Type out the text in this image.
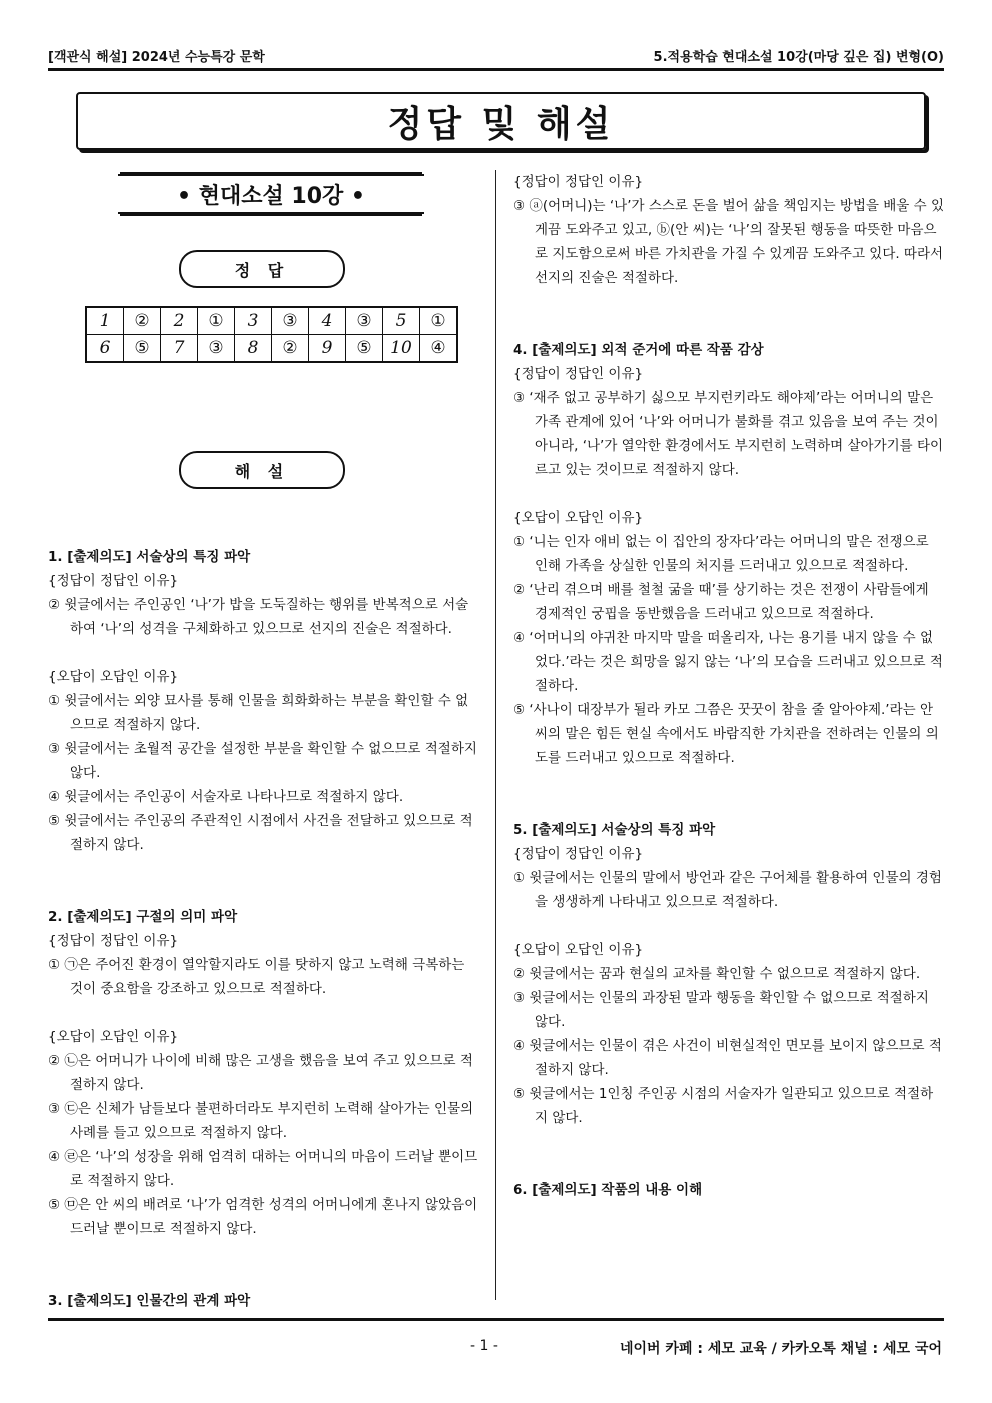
[객관식 해설] 2024년 수능특강 문학	5.적용학습 현대소설 10강(마당 깊은 집) 변형(O)
정답 및 해설
• 현대소설 10강 •
정 답
1	②	2	①	3	③	4	③	5	①
6	⑤	7	③	8	②	9	⑤	10	④
해 설
1. [출제의도] 서술상의 특징 파악
{정답이 정답인 이유}
② 윗글에서는 주인공인 ‘나’가 밥을 도둑질하는 행위를 반복적으로 서술하여 ‘나’의 성격을 구체화하고 있으므로 선지의 진술은 적절하다.
{오답이 오답인 이유}
① 윗글에서는 외양 묘사를 통해 인물을 희화화하는 부분을 확인할 수 없으므로 적절하지 않다.
③ 윗글에서는 초월적 공간을 설정한 부분을 확인할 수 없으므로 적절하지 않다.
④ 윗글에서는 주인공이 서술자로 나타나므로 적절하지 않다.
⑤ 윗글에서는 주인공의 주관적인 시점에서 사건을 전달하고 있으므로 적절하지 않다.
2. [출제의도] 구절의 의미 파악
{정답이 정답인 이유}
① ㉠은 주어진 환경이 열악할지라도 이를 탓하지 않고 노력해 극복하는 것이 중요함을 강조하고 있으므로 적절하다.
{오답이 오답인 이유}
② ㉡은 어머니가 나이에 비해 많은 고생을 했음을 보여 주고 있으므로 적절하지 않다.
③ ㉢은 신체가 남들보다 불편하더라도 부지런히 노력해 살아가는 인물의 사례를 들고 있으므로 적절하지 않다.
④ ㉣은 ‘나’의 성장을 위해 엄격히 대하는 어머니의 마음이 드러날 뿐이므로 적절하지 않다.
⑤ ㉤은 안 씨의 배려로 ‘나’가 엄격한 성격의 어머니에게 혼나지 않았음이 드러날 뿐이므로 적절하지 않다.
3. [출제의도] 인물간의 관계 파악
{정답이 정답인 이유}
③ ⓐ(어머니)는 ‘나’가 스스로 돈을 벌어 삶을 책임지는 방법을 배울 수 있게끔 도와주고 있고, ⓑ(안 씨)는 ‘나’의 잘못된 행동을 따뜻한 마음으로 지도함으로써 바른 가치관을 가질 수 있게끔 도와주고 있다. 따라서 선지의 진술은 적절하다.
4. [출제의도] 외적 준거에 따른 작품 감상
{정답이 정답인 이유}
③ ‘재주 없고 공부하기 싫으모 부지런키라도 해야제’라는 어머니의 말은 가족 관계에 있어 ‘나’와 어머니가 불화를 겪고 있음을 보여 주는 것이 아니라, ‘나’가 열악한 환경에서도 부지런히 노력하며 살아가기를 타이르고 있는 것이므로 적절하지 않다.
{오답이 오답인 이유}
① ‘니는 인자 애비 없는 이 집안의 장자다’라는 어머니의 말은 전쟁으로 인해 가족을 상실한 인물의 처지를 드러내고 있으므로 적절하다.
② ‘난리 겪으며 배를 철철 굶을 때’를 상기하는 것은 전쟁이 사람들에게 경제적인 궁핍을 동반했음을 드러내고 있으므로 적절하다.
④ ‘어머니의 야귀찬 마지막 말을 떠올리자, 나는 용기를 내지 않을 수 없었다.’라는 것은 희망을 잃지 않는 ‘나’의 모습을 드러내고 있으므로 적절하다.
⑤ ‘사나이 대장부가 될라 카모 그쯤은 꿋꿋이 참을 줄 알아야제.’라는 안 씨의 말은 힘든 현실 속에서도 바람직한 가치관을 전하려는 인물의 의도를 드러내고 있으므로 적절하다.
5. [출제의도] 서술상의 특징 파악
{정답이 정답인 이유}
① 윗글에서는 인물의 말에서 방언과 같은 구어체를 활용하여 인물의 경험을 생생하게 나타내고 있으므로 적절하다.
{오답이 오답인 이유}
② 윗글에서는 꿈과 현실의 교차를 확인할 수 없으므로 적절하지 않다.
③ 윗글에서는 인물의 과장된 말과 행동을 확인할 수 없으므로 적절하지 않다.
④ 윗글에서는 인물이 겪은 사건이 비현실적인 면모를 보이지 않으므로 적절하지 않다.
⑤ 윗글에서는 1인칭 주인공 시점의 서술자가 일관되고 있으므로 적절하지 않다.
6. [출제의도] 작품의 내용 이해
- 1 -	네이버 카페 : 세모 교육 / 카카오톡 채널 : 세모 국어
